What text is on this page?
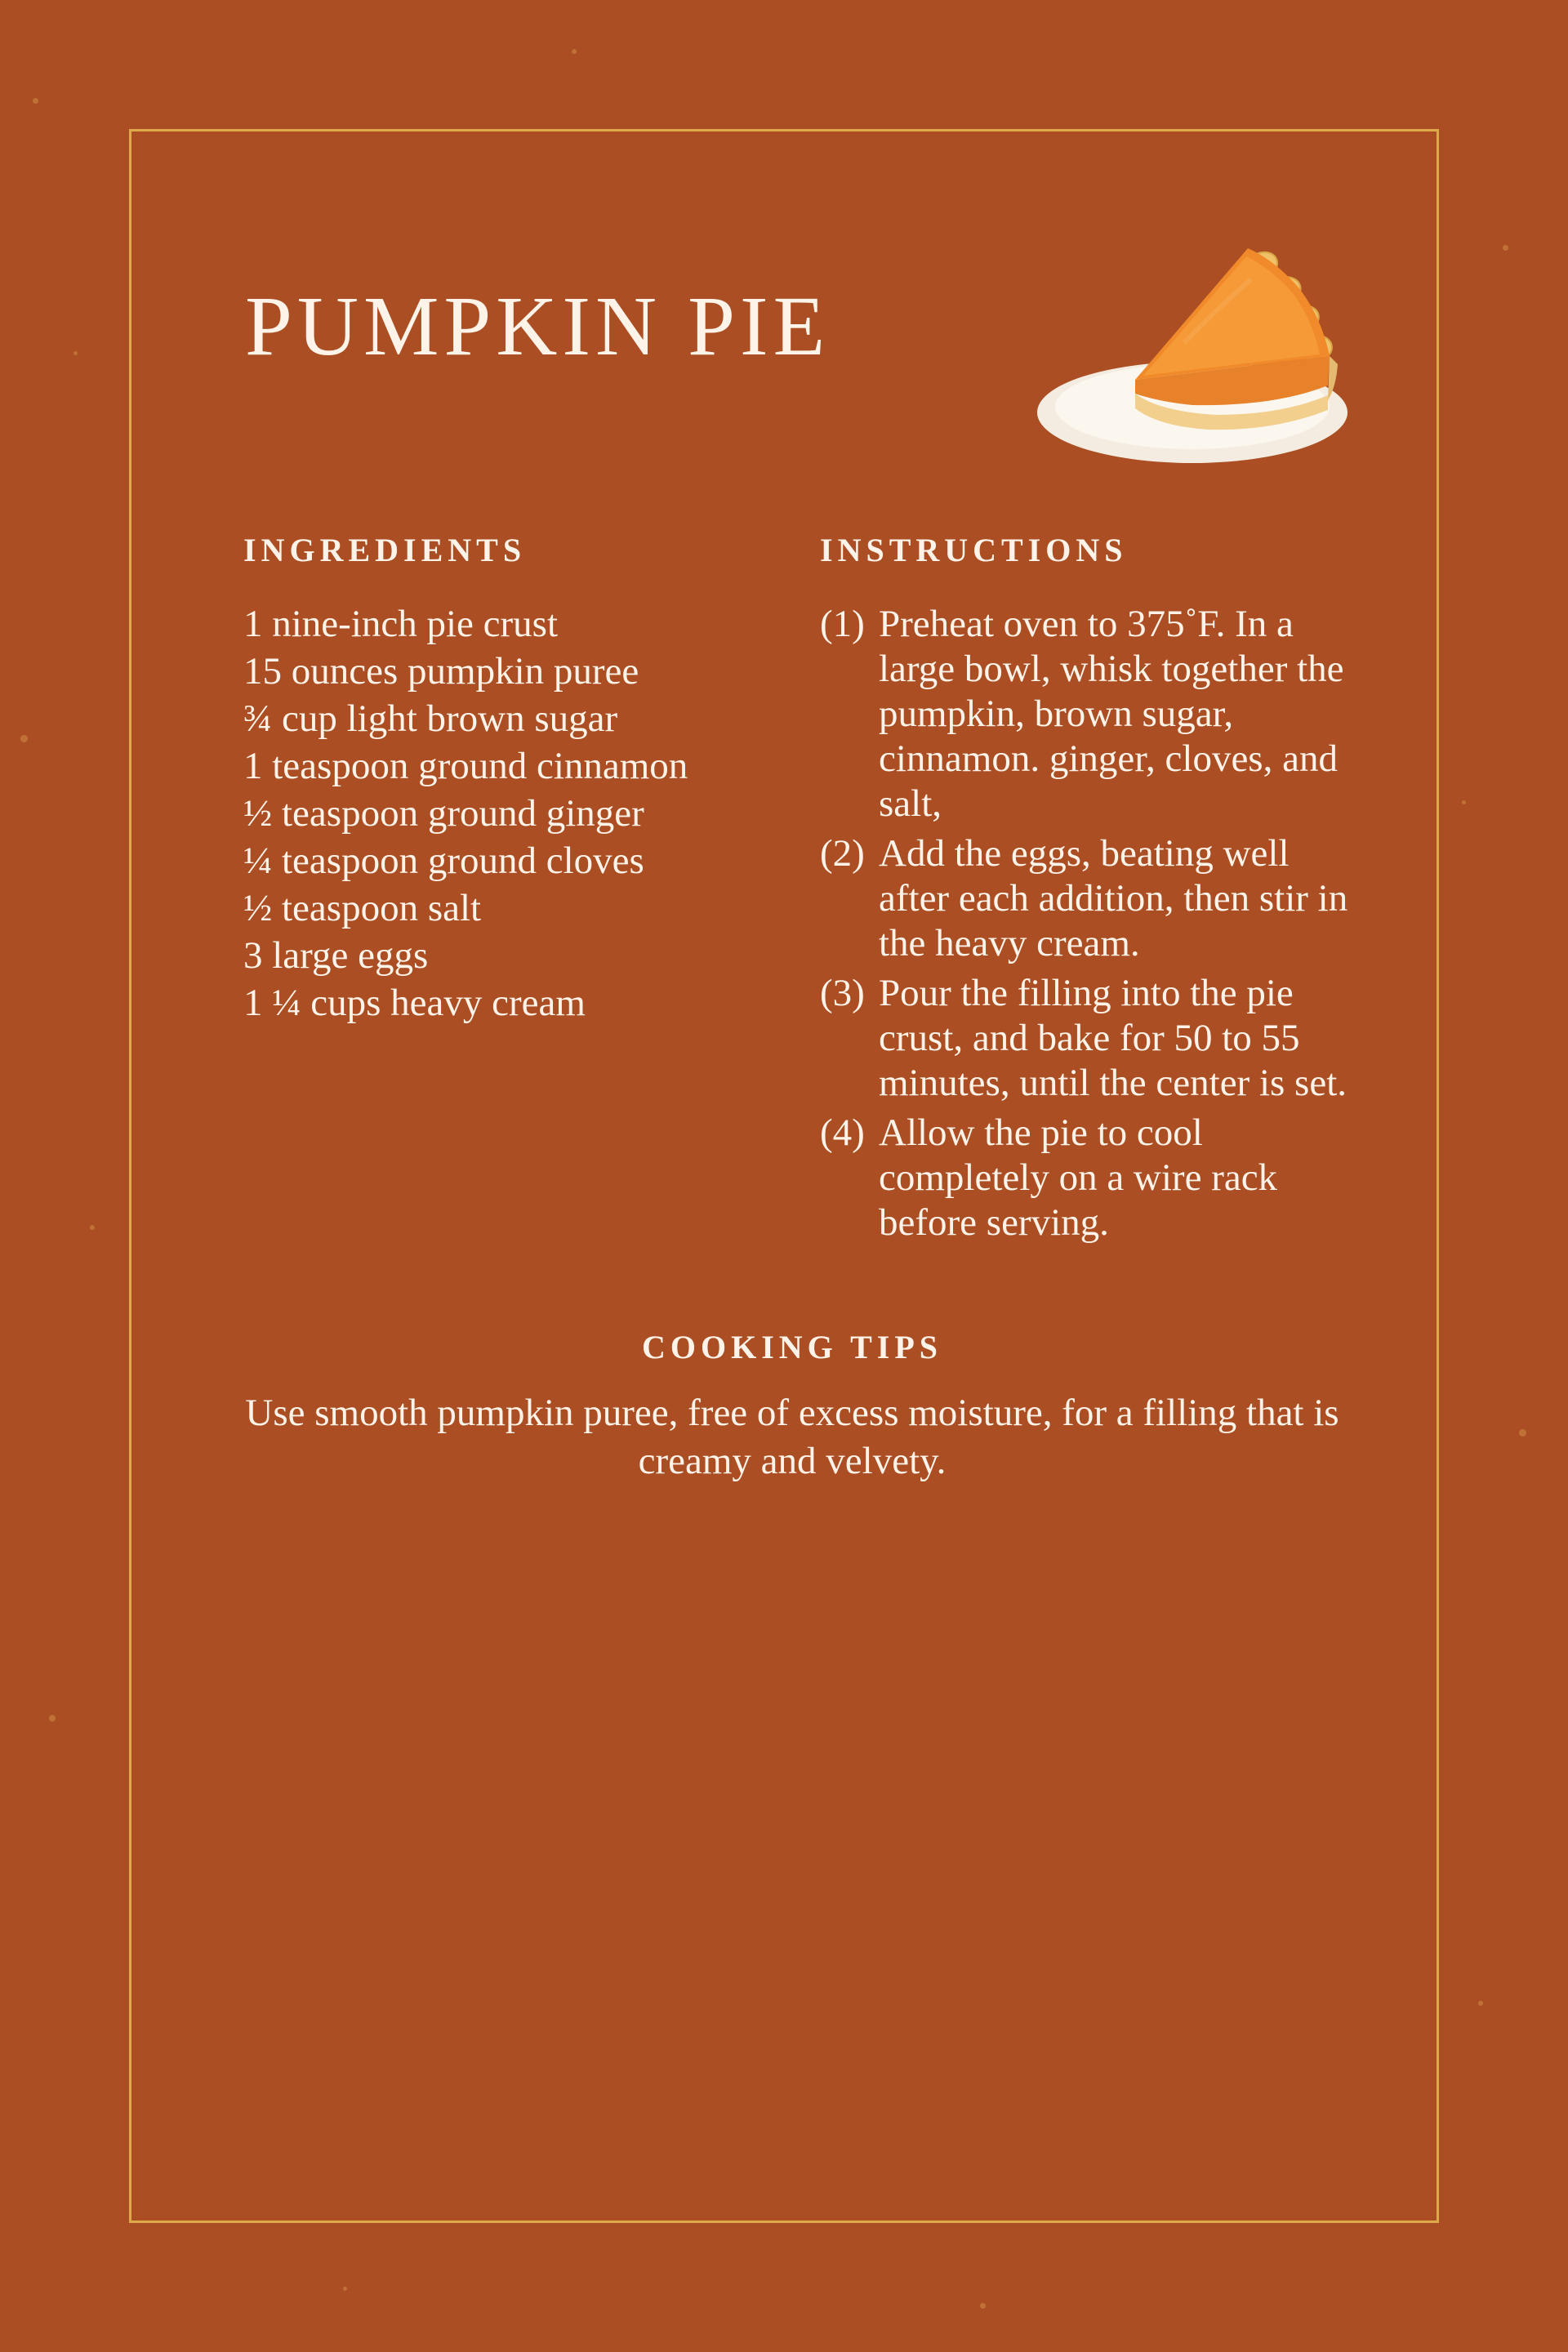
PUMPKIN PIE
INGREDIENTS
1 nine-inch pie crust
15 ounces pumpkin puree
¾ cup light brown sugar
1 teaspoon ground cinnamon
½ teaspoon ground ginger
¼ teaspoon ground cloves
½ teaspoon salt
3 large eggs
1 ¼ cups heavy cream
INSTRUCTIONS
(1) Preheat oven to 375˚F. In a large bowl, whisk together the pumpkin, brown sugar, cinnamon. ginger, cloves, and salt,
(2) Add the eggs, beating well after each addition, then stir in the heavy cream.
(3) Pour the filling into the pie crust, and bake for 50 to 55 minutes, until the center is set.
(4) Allow the pie to cool completely on a wire rack before serving.
COOKING TIPS

Use smooth pumpkin puree, free of excess moisture, for a filling that is creamy and velvety.
